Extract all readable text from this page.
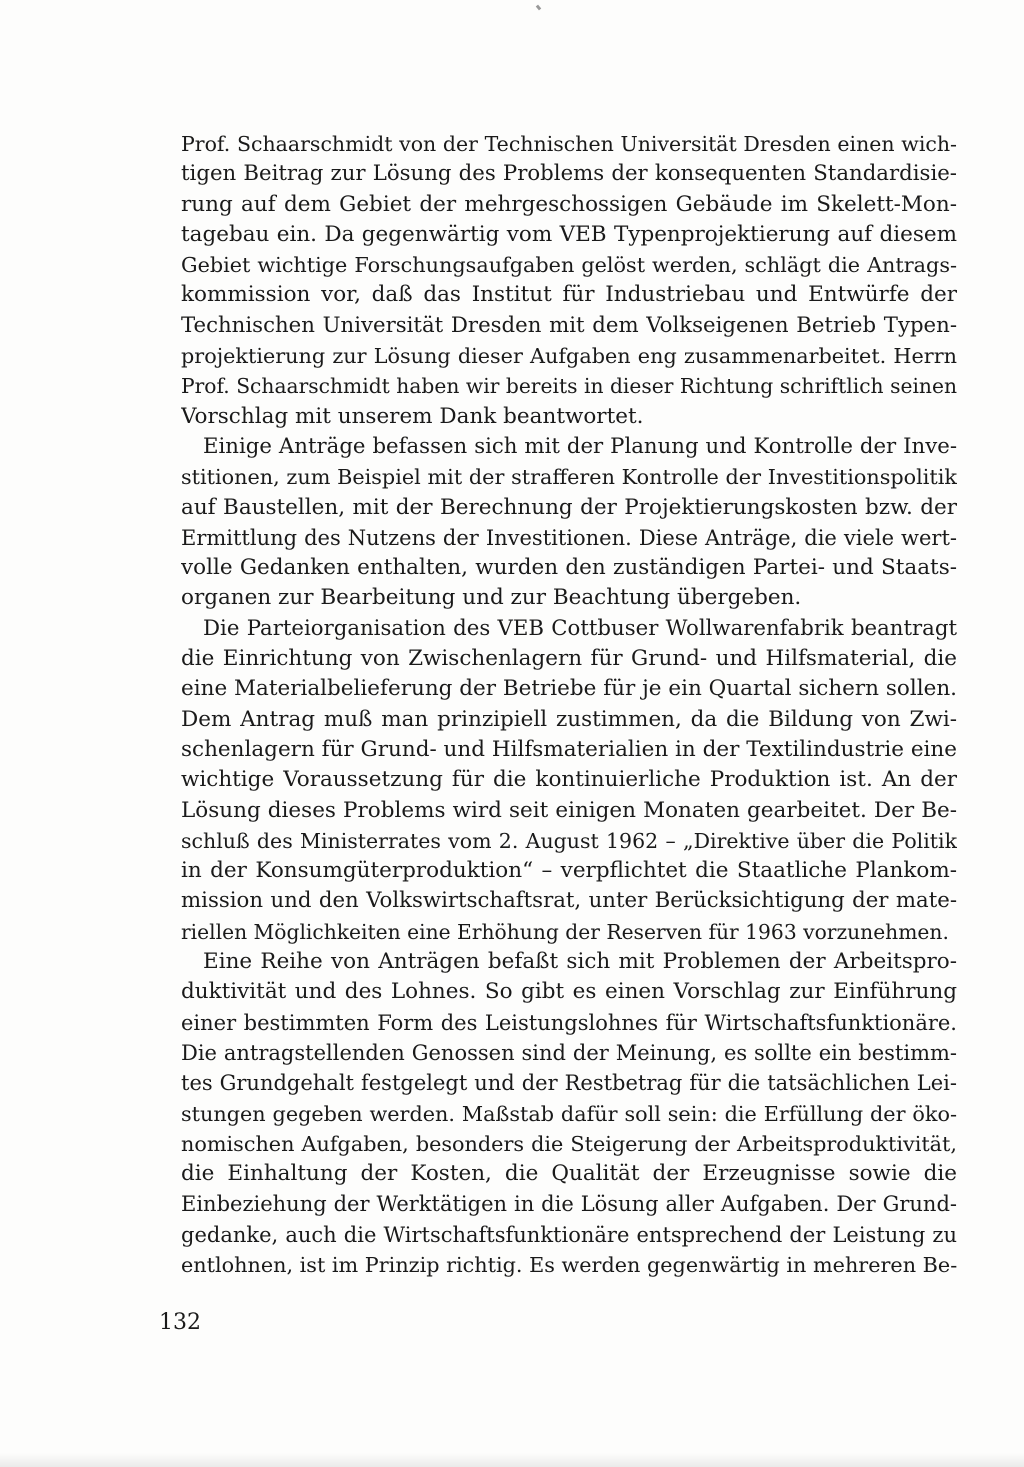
Prof. Schaarschmidt von der Technischen Universität Dresden einen wich-
tigen Beitrag zur Lösung des Problems der konsequenten Standardisie-
rung auf dem Gebiet der mehrgeschossigen Gebäude im Skelett-Mon-
tagebau ein. Da gegenwärtig vom VEB Typenprojektierung auf diesem
Gebiet wichtige Forschungsaufgaben gelöst werden, schlägt die Antrags-
kommission vor, daß das Institut für Industriebau und Entwürfe der
Technischen Universität Dresden mit dem Volkseigenen Betrieb Typen-
projektierung zur Lösung dieser Aufgaben eng zusammenarbeitet. Herrn
Prof. Schaarschmidt haben wir bereits in dieser Richtung schriftlich seinen
Vorschlag mit unserem Dank beantwortet.
Einige Anträge befassen sich mit der Planung und Kontrolle der Inve-
stitionen, zum Beispiel mit der strafferen Kontrolle der Investitionspolitik
auf Baustellen, mit der Berechnung der Projektierungskosten bzw. der
Ermittlung des Nutzens der Investitionen. Diese Anträge, die viele wert-
volle Gedanken enthalten, wurden den zuständigen Partei- und Staats-
organen zur Bearbeitung und zur Beachtung übergeben.
Die Parteiorganisation des VEB Cottbuser Wollwarenfabrik beantragt
die Einrichtung von Zwischenlagern für Grund- und Hilfsmaterial, die
eine Materialbelieferung der Betriebe für je ein Quartal sichern sollen.
Dem Antrag muß man prinzipiell zustimmen, da die Bildung von Zwi-
schenlagern für Grund- und Hilfsmaterialien in der Textilindustrie eine
wichtige Voraussetzung für die kontinuierliche Produktion ist. An der
Lösung dieses Problems wird seit einigen Monaten gearbeitet. Der Be-
schluß des Ministerrates vom 2. August 1962 – „Direktive über die Politik
in der Konsumgüterproduktion“ – verpflichtet die Staatliche Plankom-
mission und den Volkswirtschaftsrat, unter Berücksichtigung der mate-
riellen Möglichkeiten eine Erhöhung der Reserven für 1963 vorzunehmen.
Eine Reihe von Anträgen befaßt sich mit Problemen der Arbeitspro-
duktivität und des Lohnes. So gibt es einen Vorschlag zur Einführung
einer bestimmten Form des Leistungslohnes für Wirtschaftsfunktionäre.
Die antragstellenden Genossen sind der Meinung, es sollte ein bestimm-
tes Grundgehalt festgelegt und der Restbetrag für die tatsächlichen Lei-
stungen gegeben werden. Maßstab dafür soll sein: die Erfüllung der öko-
nomischen Aufgaben, besonders die Steigerung der Arbeitsproduktivität,
die Einhaltung der Kosten, die Qualität der Erzeugnisse sowie die
Einbeziehung der Werktätigen in die Lösung aller Aufgaben. Der Grund-
gedanke, auch die Wirtschaftsfunktionäre entsprechend der Leistung zu
entlohnen, ist im Prinzip richtig. Es werden gegenwärtig in mehreren Be-
132
